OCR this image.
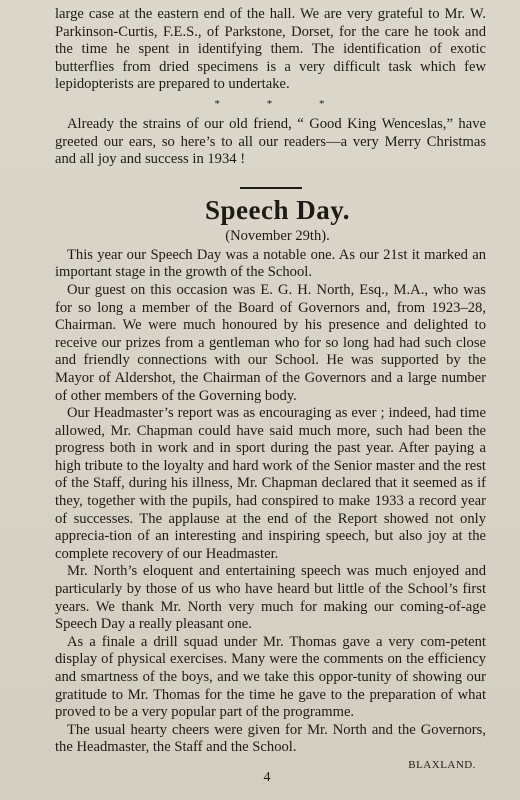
large case at the eastern end of the hall. We are very grateful to Mr. W. Parkinson-Curtis, F.E.S., of Parkstone, Dorset, for the care he took and the time he spent in identifying them. The identification of exotic butterflies from dried specimens is a very difficult task which few lepidopterists are prepared to undertake.

* * *

Already the strains of our old friend, “ Good King Wenceslas,” have greeted our ears, so here’s to all our readers—a very Merry Christmas and all joy and success in 1934 !

Speech Day.
(November 29th).

This year our Speech Day was a notable one. As our 21st it marked an important stage in the growth of the School.

Our guest on this occasion was E. G. H. North, Esq., M.A., who was for so long a member of the Board of Governors and, from 1923–28, Chairman. We were much honoured by his presence and delighted to receive our prizes from a gentleman who for so long had had such close and friendly connections with our School. He was supported by the Mayor of Aldershot, the Chairman of the Governors and a large number of other members of the Governing body.

Our Headmaster’s report was as encouraging as ever ; indeed, had time allowed, Mr. Chapman could have said much more, such had been the progress both in work and in sport during the past year. After paying a high tribute to the loyalty and hard work of the Senior master and the rest of the Staff, during his illness, Mr. Chapman declared that it seemed as if they, together with the pupils, had conspired to make 1933 a record year of successes. The applause at the end of the Report showed not only apprecia-tion of an interesting and inspiring speech, but also joy at the complete recovery of our Headmaster.

Mr. North’s eloquent and entertaining speech was much enjoyed and particularly by those of us who have heard but little of the School’s first years. We thank Mr. North very much for making our coming-of-age Speech Day a really pleasant one.

As a finale a drill squad under Mr. Thomas gave a very com-petent display of physical exercises. Many were the comments on the efficiency and smartness of the boys, and we take this oppor-tunity of showing our gratitude to Mr. Thomas for the time he gave to the preparation of what proved to be a very popular part of the programme.

The usual hearty cheers were given for Mr. North and the Governors, the Headmaster, the Staff and the School.

BLAXLAND.
4
